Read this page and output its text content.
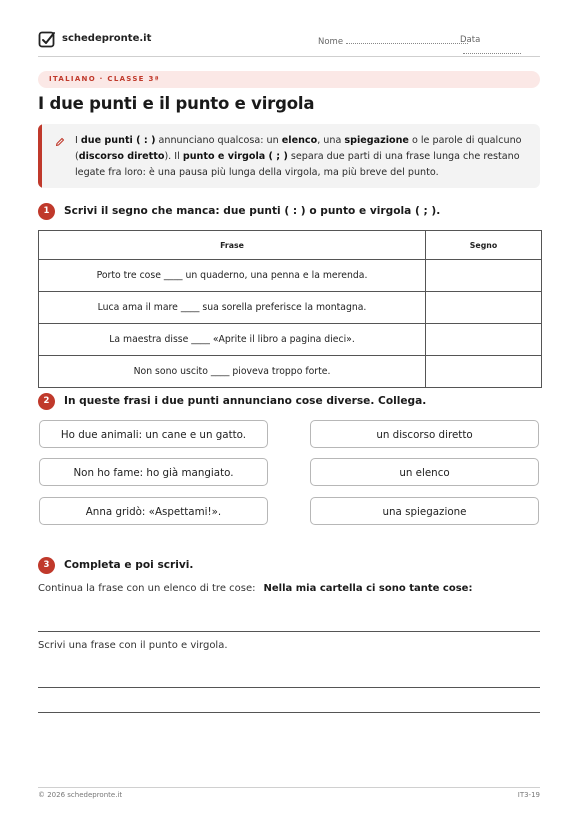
schedepronte.it	Nome	Data
ITALIANO · CLASSE 3ª
I due punti e il punto e virgola
I due punti ( : ) annunciano qualcosa: un elenco, una spiegazione o le parole di qualcuno (discorso diretto). Il punto e virgola ( ; ) separa due parti di una frase lunga che restano legate fra loro: è una pausa più lunga della virgola, ma più breve del punto.
1	Scrivi il segno che manca: due punti ( : ) o punto e virgola ( ; ).
Frase	Segno
Porto tre cose ____ un quaderno, una penna e la merenda.	
Luca ama il mare ____ sua sorella preferisce la montagna.	
La maestra disse ____ «Aprite il libro a pagina dieci».	
Non sono uscito ____ pioveva troppo forte.	
2	In queste frasi i due punti annunciano cose diverse. Collega.
Ho due animali: un cane e un gatto.
Non ho fame: ho già mangiato.
Anna gridò: «Aspettami!».
un discorso diretto
un elenco
una spiegazione
3	Completa e poi scrivi.
Continua la frase con un elenco di tre cose: Nella mia cartella ci sono tante cose:
Scrivi una frase con il punto e virgola.
© 2026 schedepronte.it	IT3-19
